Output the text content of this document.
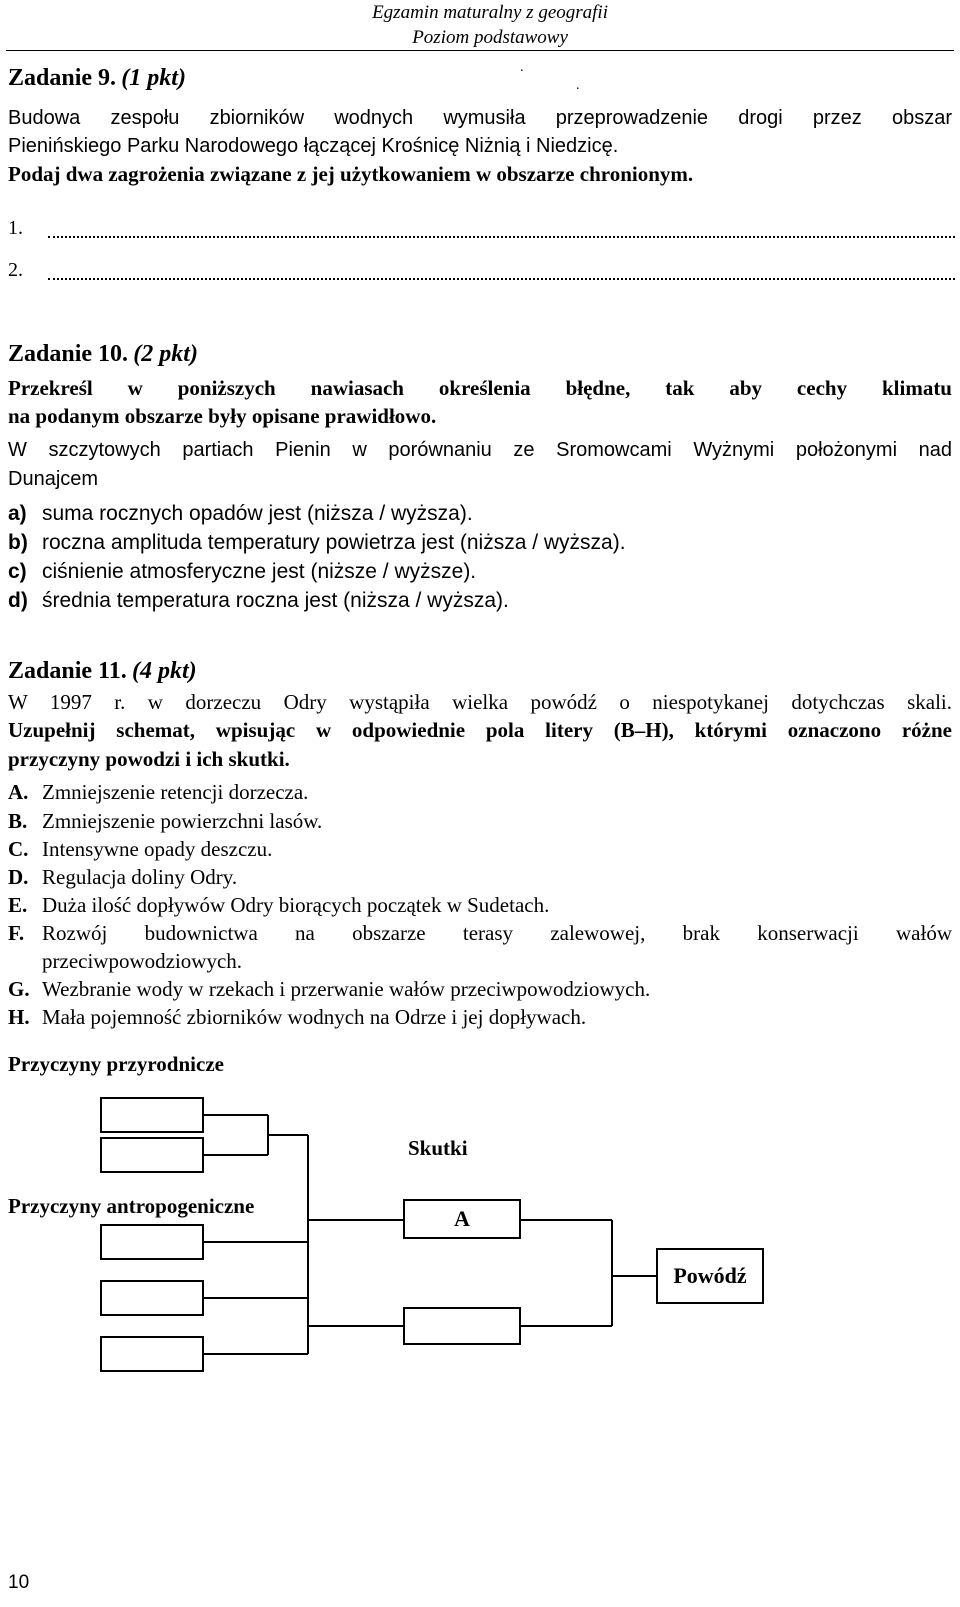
Egzamin maturalny z geografii
Poziom podstawowy
.
.
Zadanie 9. (1 pkt)
Budowa zespołu zbiorników wodnych wymusiła przeprowadzenie drogi przez obszar
Pienińskiego Parku Narodowego łączącej Krośnicę Niżnią i Niedzicę.
Podaj dwa zagrożenia związane z jej użytkowaniem w obszarze chronionym.
1.
2.
Zadanie 10. (2 pkt)
Przekreśl w poniższych nawiasach określenia błędne, tak aby cechy klimatu
na podanym obszarze były opisane prawidłowo.
W szczytowych partiach Pienin w porównaniu ze Sromowcami Wyżnymi położonymi nad
Dunajcem
a) suma rocznych opadów jest (niższa / wyższa).
b) roczna amplituda temperatury powietrza jest (niższa / wyższa).
c) ciśnienie atmosferyczne jest (niższe / wyższe).
d) średnia temperatura roczna jest (niższa / wyższa).
Zadanie 11. (4 pkt)
W 1997 r. w dorzeczu Odry wystąpiła wielka powódź o niespotykanej dotychczas skali.
Uzupełnij schemat, wpisując w odpowiednie pola litery (B–H), którymi oznaczono różne
przyczyny powodzi i ich skutki.
A. Zmniejszenie retencji dorzecza.
B. Zmniejszenie powierzchni lasów.
C. Intensywne opady deszczu.
D. Regulacja doliny Odry.
E. Duża ilość dopływów Odry biorących początek w Sudetach.
F. Rozwój budownictwa na obszarze terasy zalewowej, brak konserwacji wałów
przeciwpowodziowych.
G. Wezbranie wody w rzekach i przerwanie wałów przeciwpowodziowych.
H. Mała pojemność zbiorników wodnych na Odrze i jej dopływach.
Przyczyny przyrodnicze
Skutki
Przyczyny antropogeniczne	A
Powódź
10
